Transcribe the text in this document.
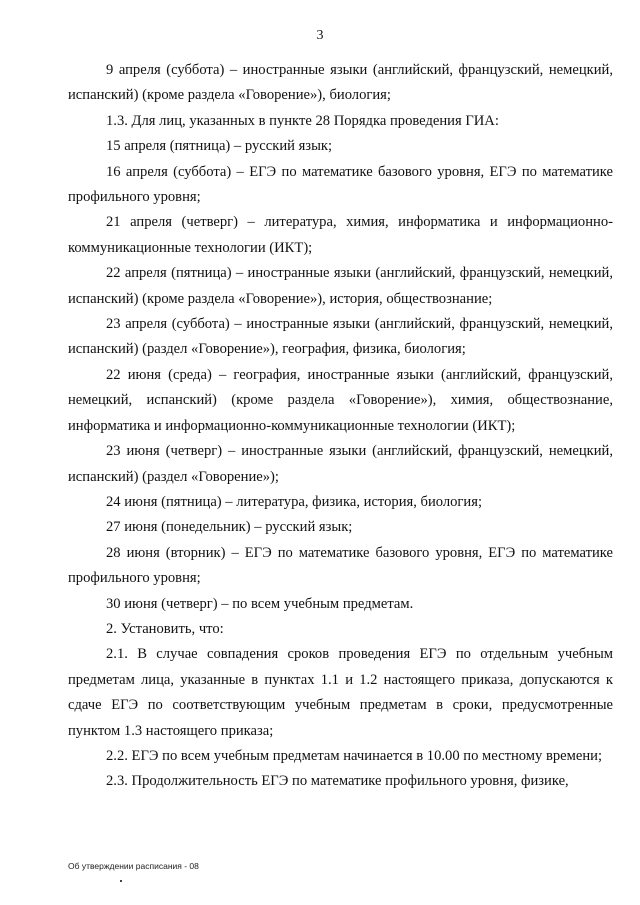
3

9 апреля (суббота) – иностранные языки (английский, французский, немецкий, испанский) (кроме раздела «Говорение»), биология;

1.3. Для лиц, указанных в пункте 28 Порядка проведения ГИА:

15 апреля (пятница) – русский язык;

16 апреля (суббота) – ЕГЭ по математике базового уровня, ЕГЭ по математике профильного уровня;

21 апреля (четверг) – литература, химия, информатика и информационно-коммуникационные технологии (ИКТ);

22 апреля (пятница) – иностранные языки (английский, французский, немецкий, испанский) (кроме раздела «Говорение»), история, обществознание;

23 апреля (суббота) – иностранные языки (английский, французский, немецкий, испанский) (раздел «Говорение»), география, физика, биология;

22 июня (среда) – география, иностранные языки (английский, французский, немецкий, испанский) (кроме раздела «Говорение»), химия, обществознание, информатика и информационно-коммуникационные технологии (ИКТ);

23 июня (четверг) – иностранные языки (английский, французский, немецкий, испанский) (раздел «Говорение»);

24 июня (пятница) – литература, физика, история, биология;

27 июня (понедельник) – русский язык;

28 июня (вторник) – ЕГЭ по математике базового уровня, ЕГЭ по математике профильного уровня;

30 июня (четверг) – по всем учебным предметам.

2. Установить, что:

2.1. В случае совпадения сроков проведения ЕГЭ по отдельным учебным предметам лица, указанные в пунктах 1.1 и 1.2 настоящего приказа, допускаются к сдаче ЕГЭ по соответствующим учебным предметам в сроки, предусмотренные пунктом 1.3 настоящего приказа;

2.2. ЕГЭ по всем учебным предметам начинается в 10.00 по местному времени;

2.3. Продолжительность ЕГЭ по математике профильного уровня, физике,

Об утверждении расписания - 08
